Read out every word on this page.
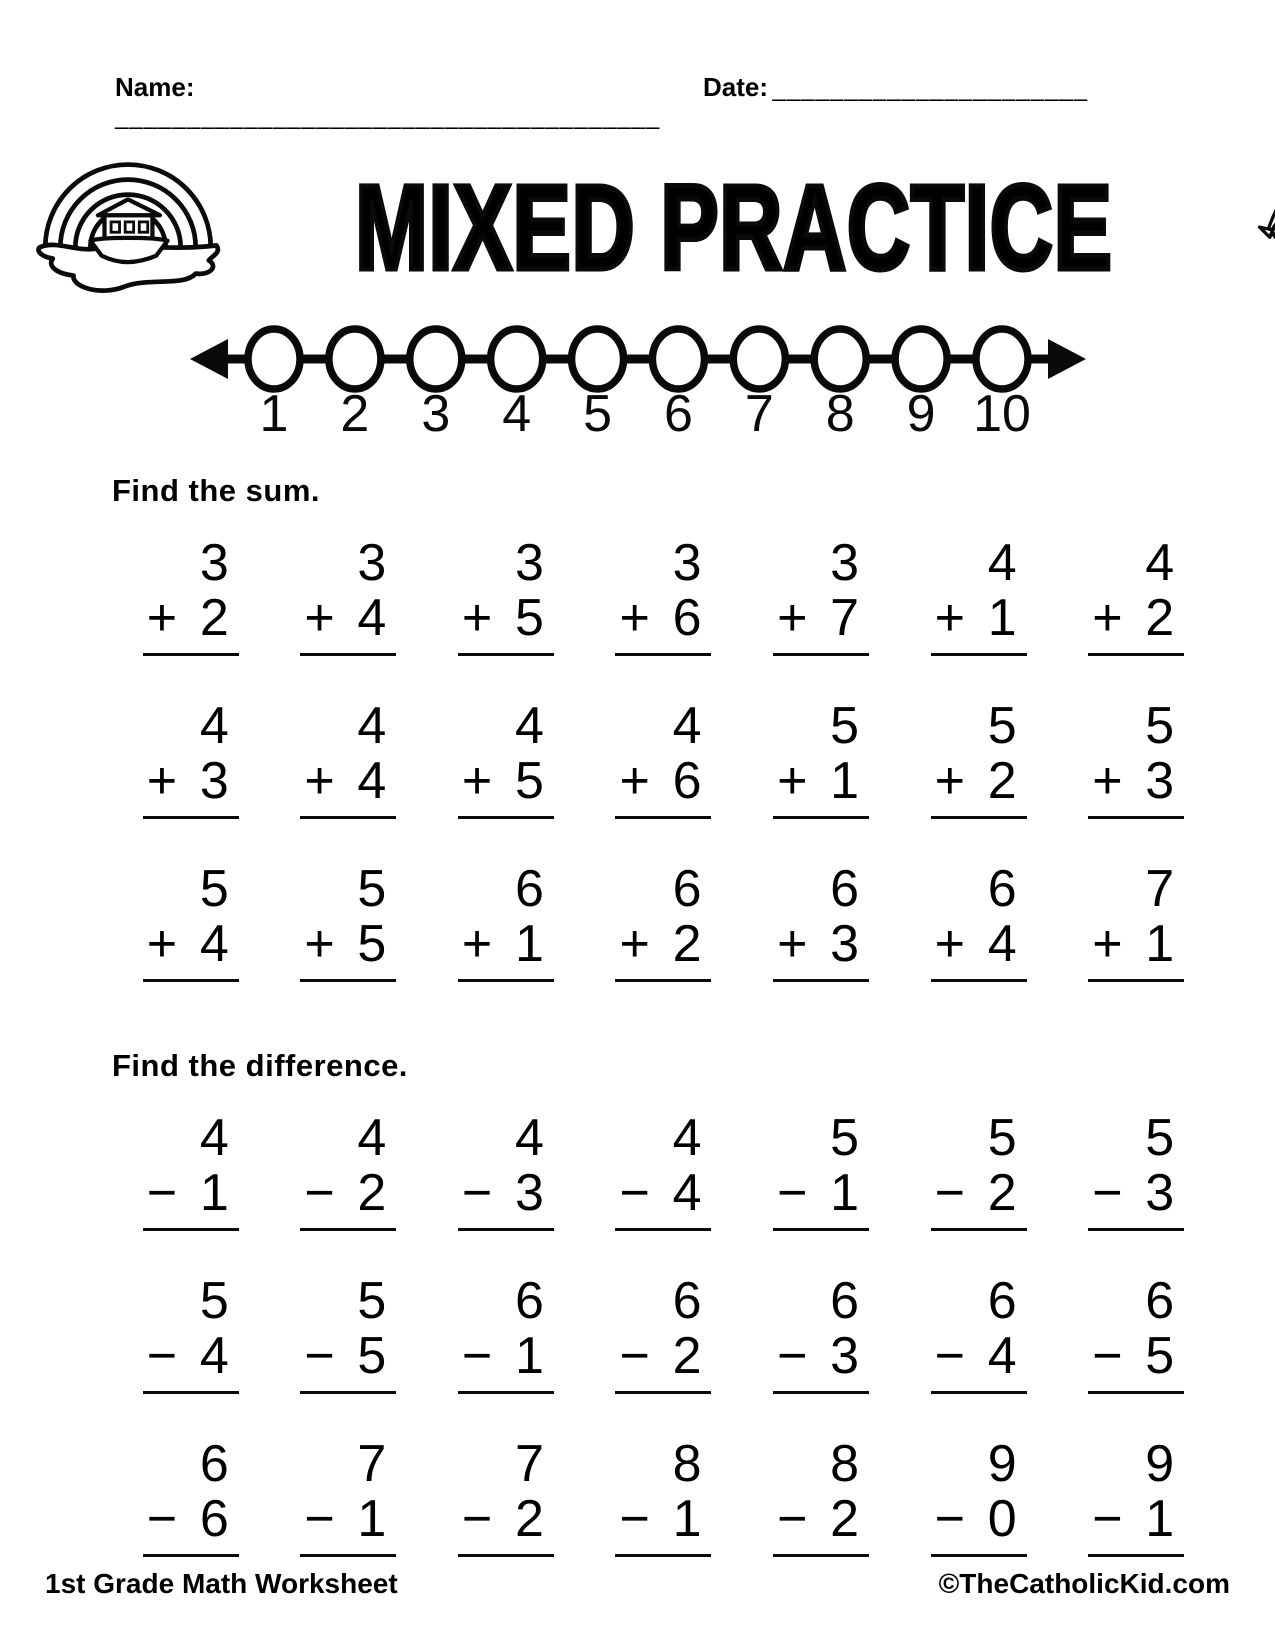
Name: ______________________________________
Date: ______________________
MIXED PRACTICE
1 2 3 4 5 6 7 8 9 10
Find the sum.
3
+ 2
3
+ 4
3
+ 5
3
+ 6
3
+ 7
4
+ 1
4
+ 2
4
+ 3
4
+ 4
4
+ 5
4
+ 6
5
+ 1
5
+ 2
5
+ 3
5
+ 4
5
+ 5
6
+ 1
6
+ 2
6
+ 3
6
+ 4
7
+ 1
Find the difference.
4
− 1
4
− 2
4
− 3
4
− 4
5
− 1
5
− 2
5
− 3
5
− 4
5
− 5
6
− 1
6
− 2
6
− 3
6
− 4
6
− 5
6
− 6
7
− 1
7
− 2
8
− 1
8
− 2
9
− 0
9
− 1
1st Grade Math Worksheet	©TheCatholicKid.com
